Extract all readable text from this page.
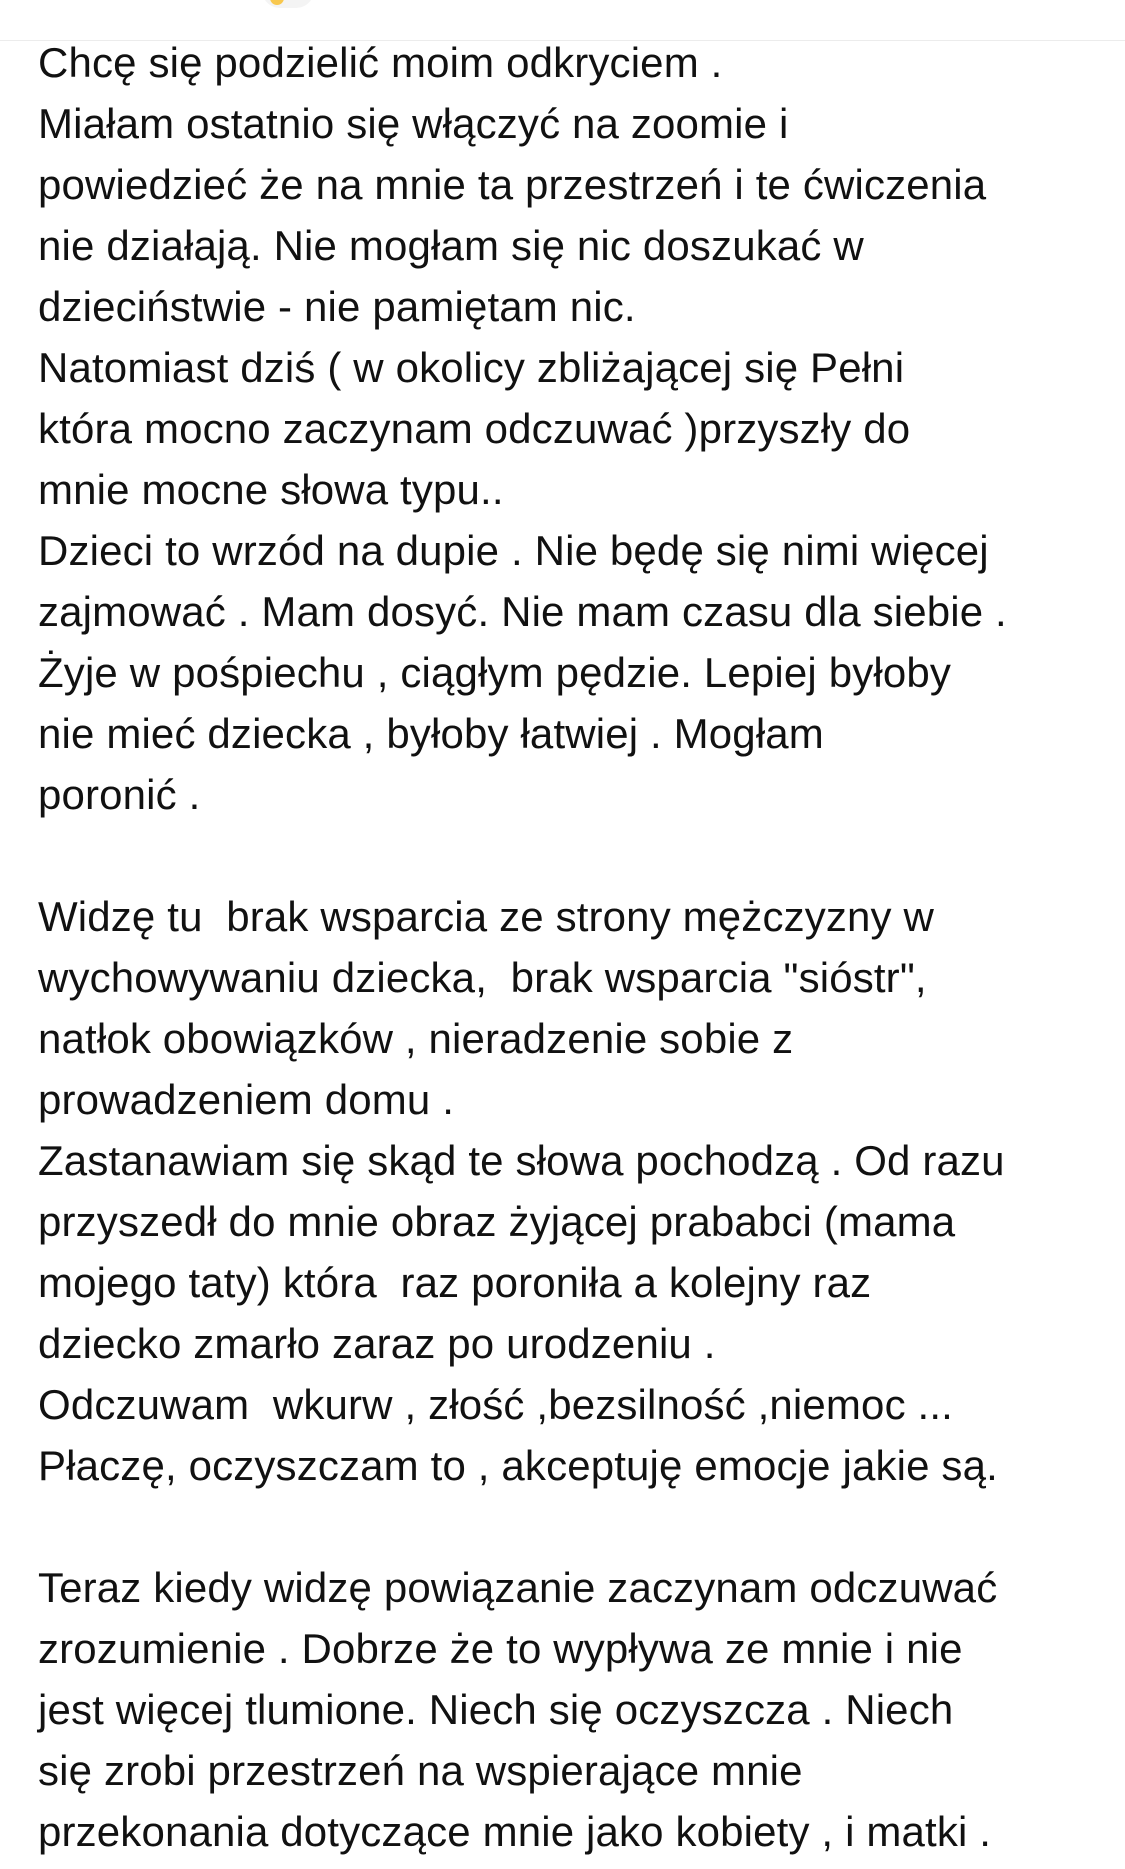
Chcę się podzielić moim odkryciem .
Miałam ostatnio się włączyć na zoomie i
powiedzieć że na mnie ta przestrzeń i te ćwiczenia
nie działają. Nie mogłam się nic doszukać w
dzieciństwie - nie pamiętam nic.
Natomiast dziś ( w okolicy zbliżającej się Pełni
która mocno zaczynam odczuwać )przyszły do
mnie mocne słowa typu..
Dzieci to wrzód na dupie . Nie będę się nimi więcej
zajmować . Mam dosyć. Nie mam czasu dla siebie .
Żyje w pośpiechu , ciągłym pędzie. Lepiej byłoby
nie mieć dziecka , byłoby łatwiej . Mogłam
poronić .
Widzę tu  brak wsparcia ze strony mężczyzny w
wychowywaniu dziecka,  brak wsparcia "sióstr",
natłok obowiązków , nieradzenie sobie z
prowadzeniem domu .
Zastanawiam się skąd te słowa pochodzą . Od razu
przyszedł do mnie obraz żyjącej prababci (mama
mojego taty) która  raz poroniła a kolejny raz
dziecko zmarło zaraz po urodzeniu .
Odczuwam  wkurw , złość ,bezsilność ,niemoc ...
Płaczę, oczyszczam to , akceptuję emocje jakie są.
Teraz kiedy widzę powiązanie zaczynam odczuwać
zrozumienie . Dobrze że to wypływa ze mnie i nie
jest więcej tlumione. Niech się oczyszcza . Niech
się zrobi przestrzeń na wspierające mnie
przekonania dotyczące mnie jako kobiety , i matki .
